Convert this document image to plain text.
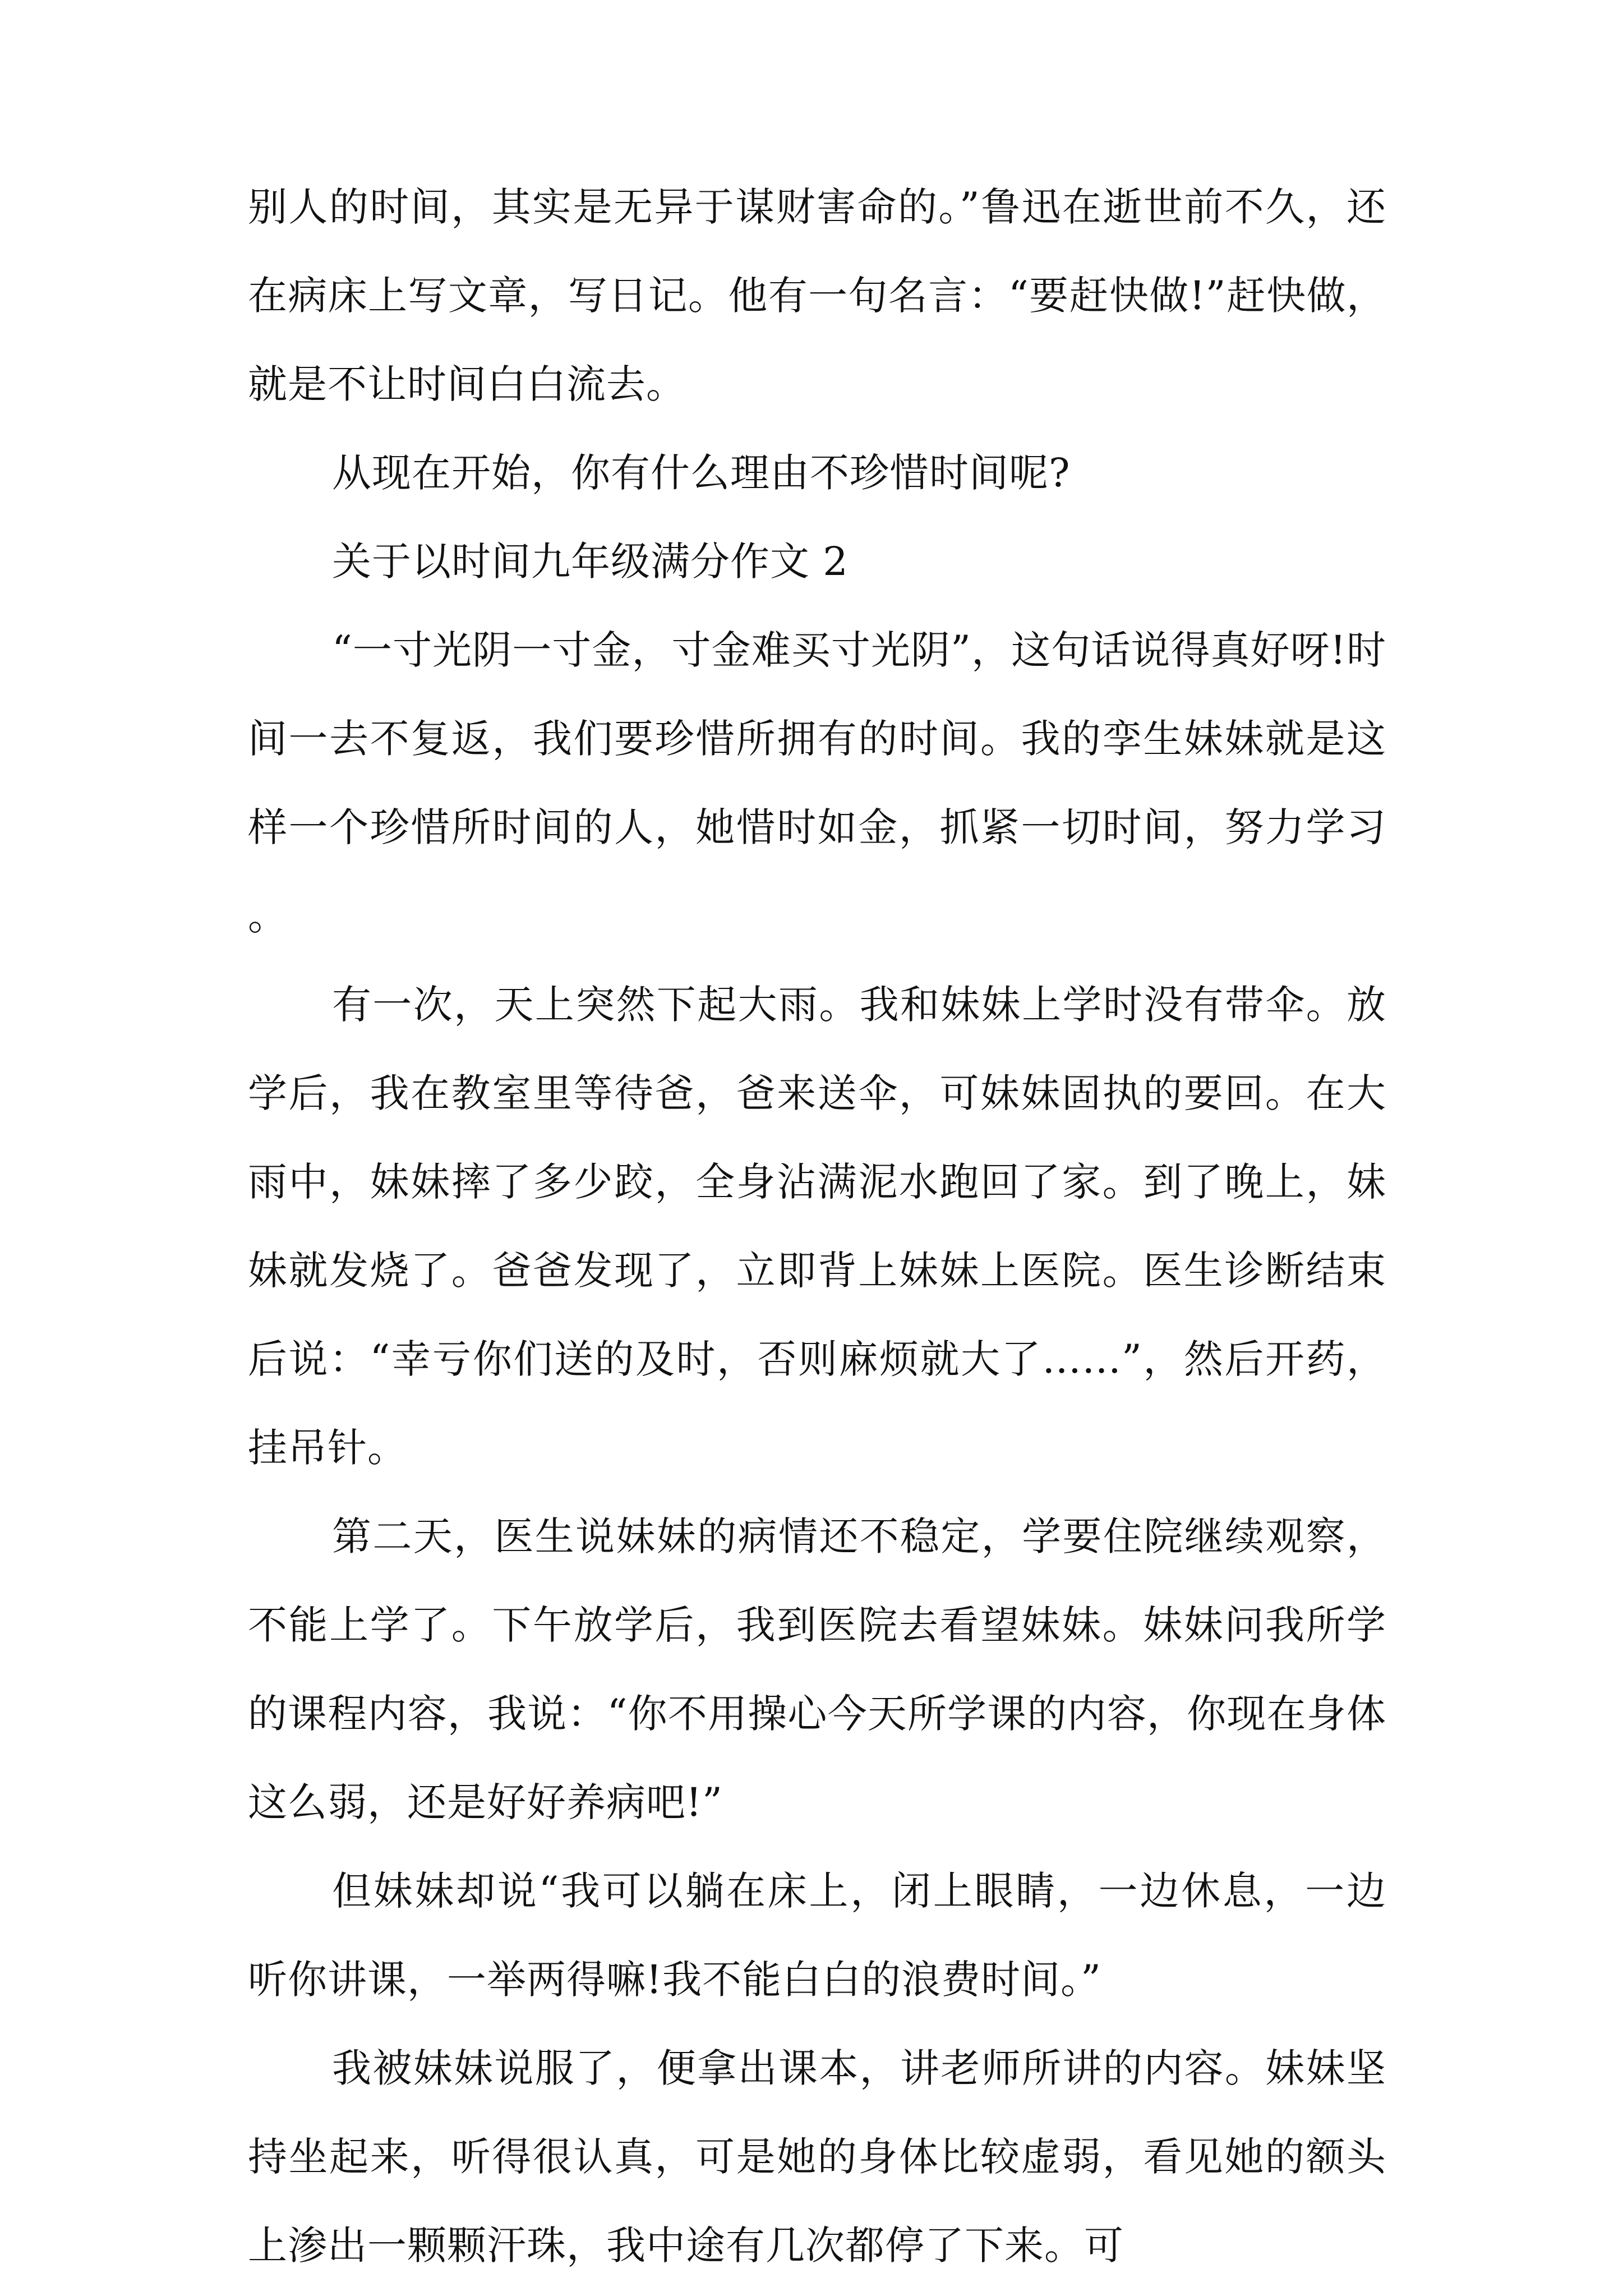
别人的时间，其实是无异于谋财害命的。”鲁迅在逝世前不久，还在病床上写文章，写日记。他有一句名言：“要赶快做!”赶快做，就是不让时间白白流去。

从现在开始，你有什么理由不珍惜时间呢?

关于以时间九年级满分作文 2

“一寸光阴一寸金，寸金难买寸光阴”，这句话说得真好呀!时间一去不复返，我们要珍惜所拥有的时间。我的孪生妹妹就是这样一个珍惜所时间的人，她惜时如金，抓紧一切时间，努力学习。

有一次，天上突然下起大雨。我和妹妹上学时没有带伞。放学后，我在教室里等待爸，爸来送伞，可妹妹固执的要回。在大雨中，妹妹摔了多少跤，全身沾满泥水跑回了家。到了晚上，妹妹就发烧了。爸爸发现了，立即背上妹妹上医院。医生诊断结束后说：“幸亏你们送的及时，否则麻烦就大了……”，然后开药，挂吊针。

第二天，医生说妹妹的病情还不稳定，学要住院继续观察，不能上学了。下午放学后，我到医院去看望妹妹。妹妹问我所学的课程内容，我说：“你不用操心今天所学课的内容，你现在身体这么弱，还是好好养病吧!”

但妹妹却说“我可以躺在床上，闭上眼睛，一边休息，一边听你讲课，一举两得嘛!我不能白白的浪费时间。”

我被妹妹说服了，便拿出课本，讲老师所讲的内容。妹妹坚持坐起来，听得很认真，可是她的身体比较虚弱，看见她的额头上渗出一颗颗汗珠，我中途有几次都停了下来。可
